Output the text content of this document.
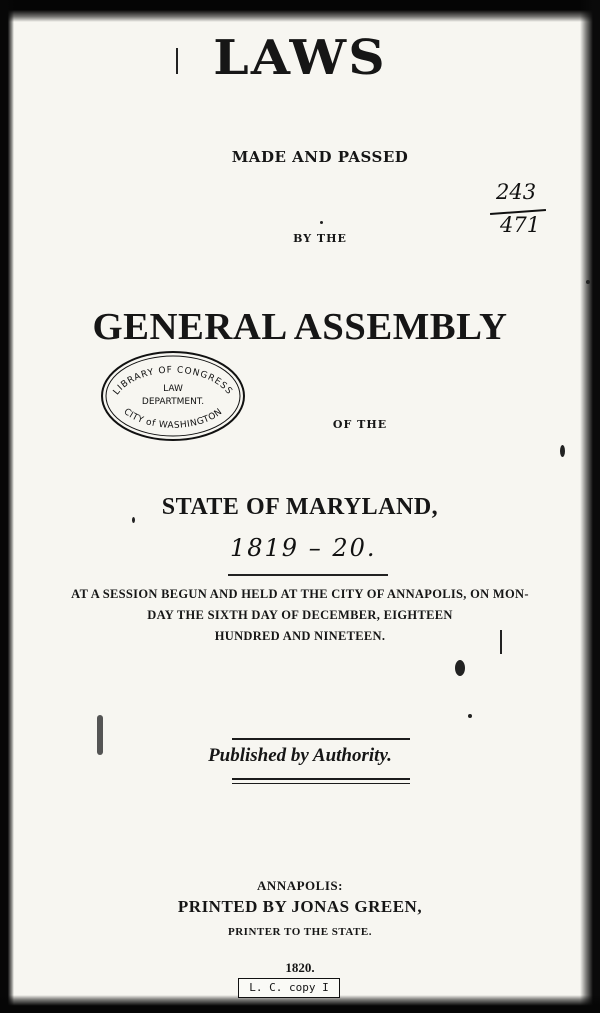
LAWS
MADE AND PASSED
BY THE
GENERAL ASSEMBLY
OF THE
STATE OF MARYLAND,
AT A SESSION BEGUN AND HELD AT THE CITY OF ANNAPOLIS, ON MON-
DAY THE SIXTH DAY OF DECEMBER, EIGHTEEN
HUNDRED AND NINETEEN.
Published by Authority.
ANNAPOLIS:
PRINTED BY JONAS GREEN,
PRINTER TO THE STATE.
1820.
243
471
1819 – 20.
L. C. copy I
LIBRARY OF CONGRESS
CITY of WASHINGTON
LAW
DEPARTMENT.
